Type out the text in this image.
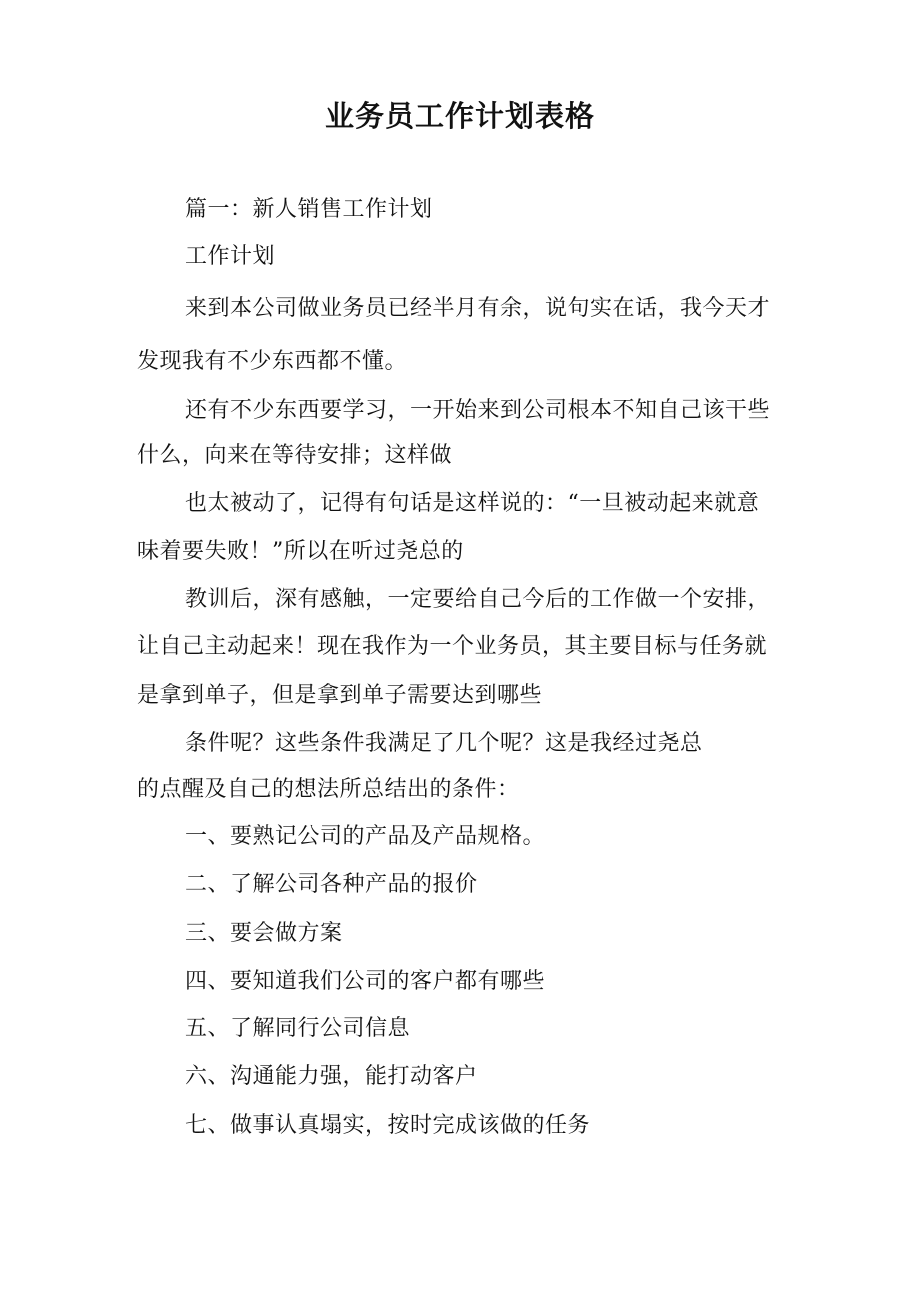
业务员工作计划表格
篇一：新人销售工作计划
工作计划
来到本公司做业务员已经半月有余，说句实在话，我今天才
发现我有不少东西都不懂。
还有不少东西要学习，一开始来到公司根本不知自己该干些
什么，向来在等待安排；这样做
也太被动了，记得有句话是这样说的：“一旦被动起来就意
味着要失败！”所以在听过尧总的
教训后，深有感触，一定要给自己今后的工作做一个安排，
让自己主动起来！现在我作为一个业务员，其主要目标与任务就
是拿到单子，但是拿到单子需要达到哪些
条件呢？这些条件我满足了几个呢？这是我经过尧总
的点醒及自己的想法所总结出的条件：
一、要熟记公司的产品及产品规格。
二、了解公司各种产品的报价
三、要会做方案
四、要知道我们公司的客户都有哪些
五、了解同行公司信息
六、沟通能力强，能打动客户
七、做事认真塌实，按时完成该做的任务
